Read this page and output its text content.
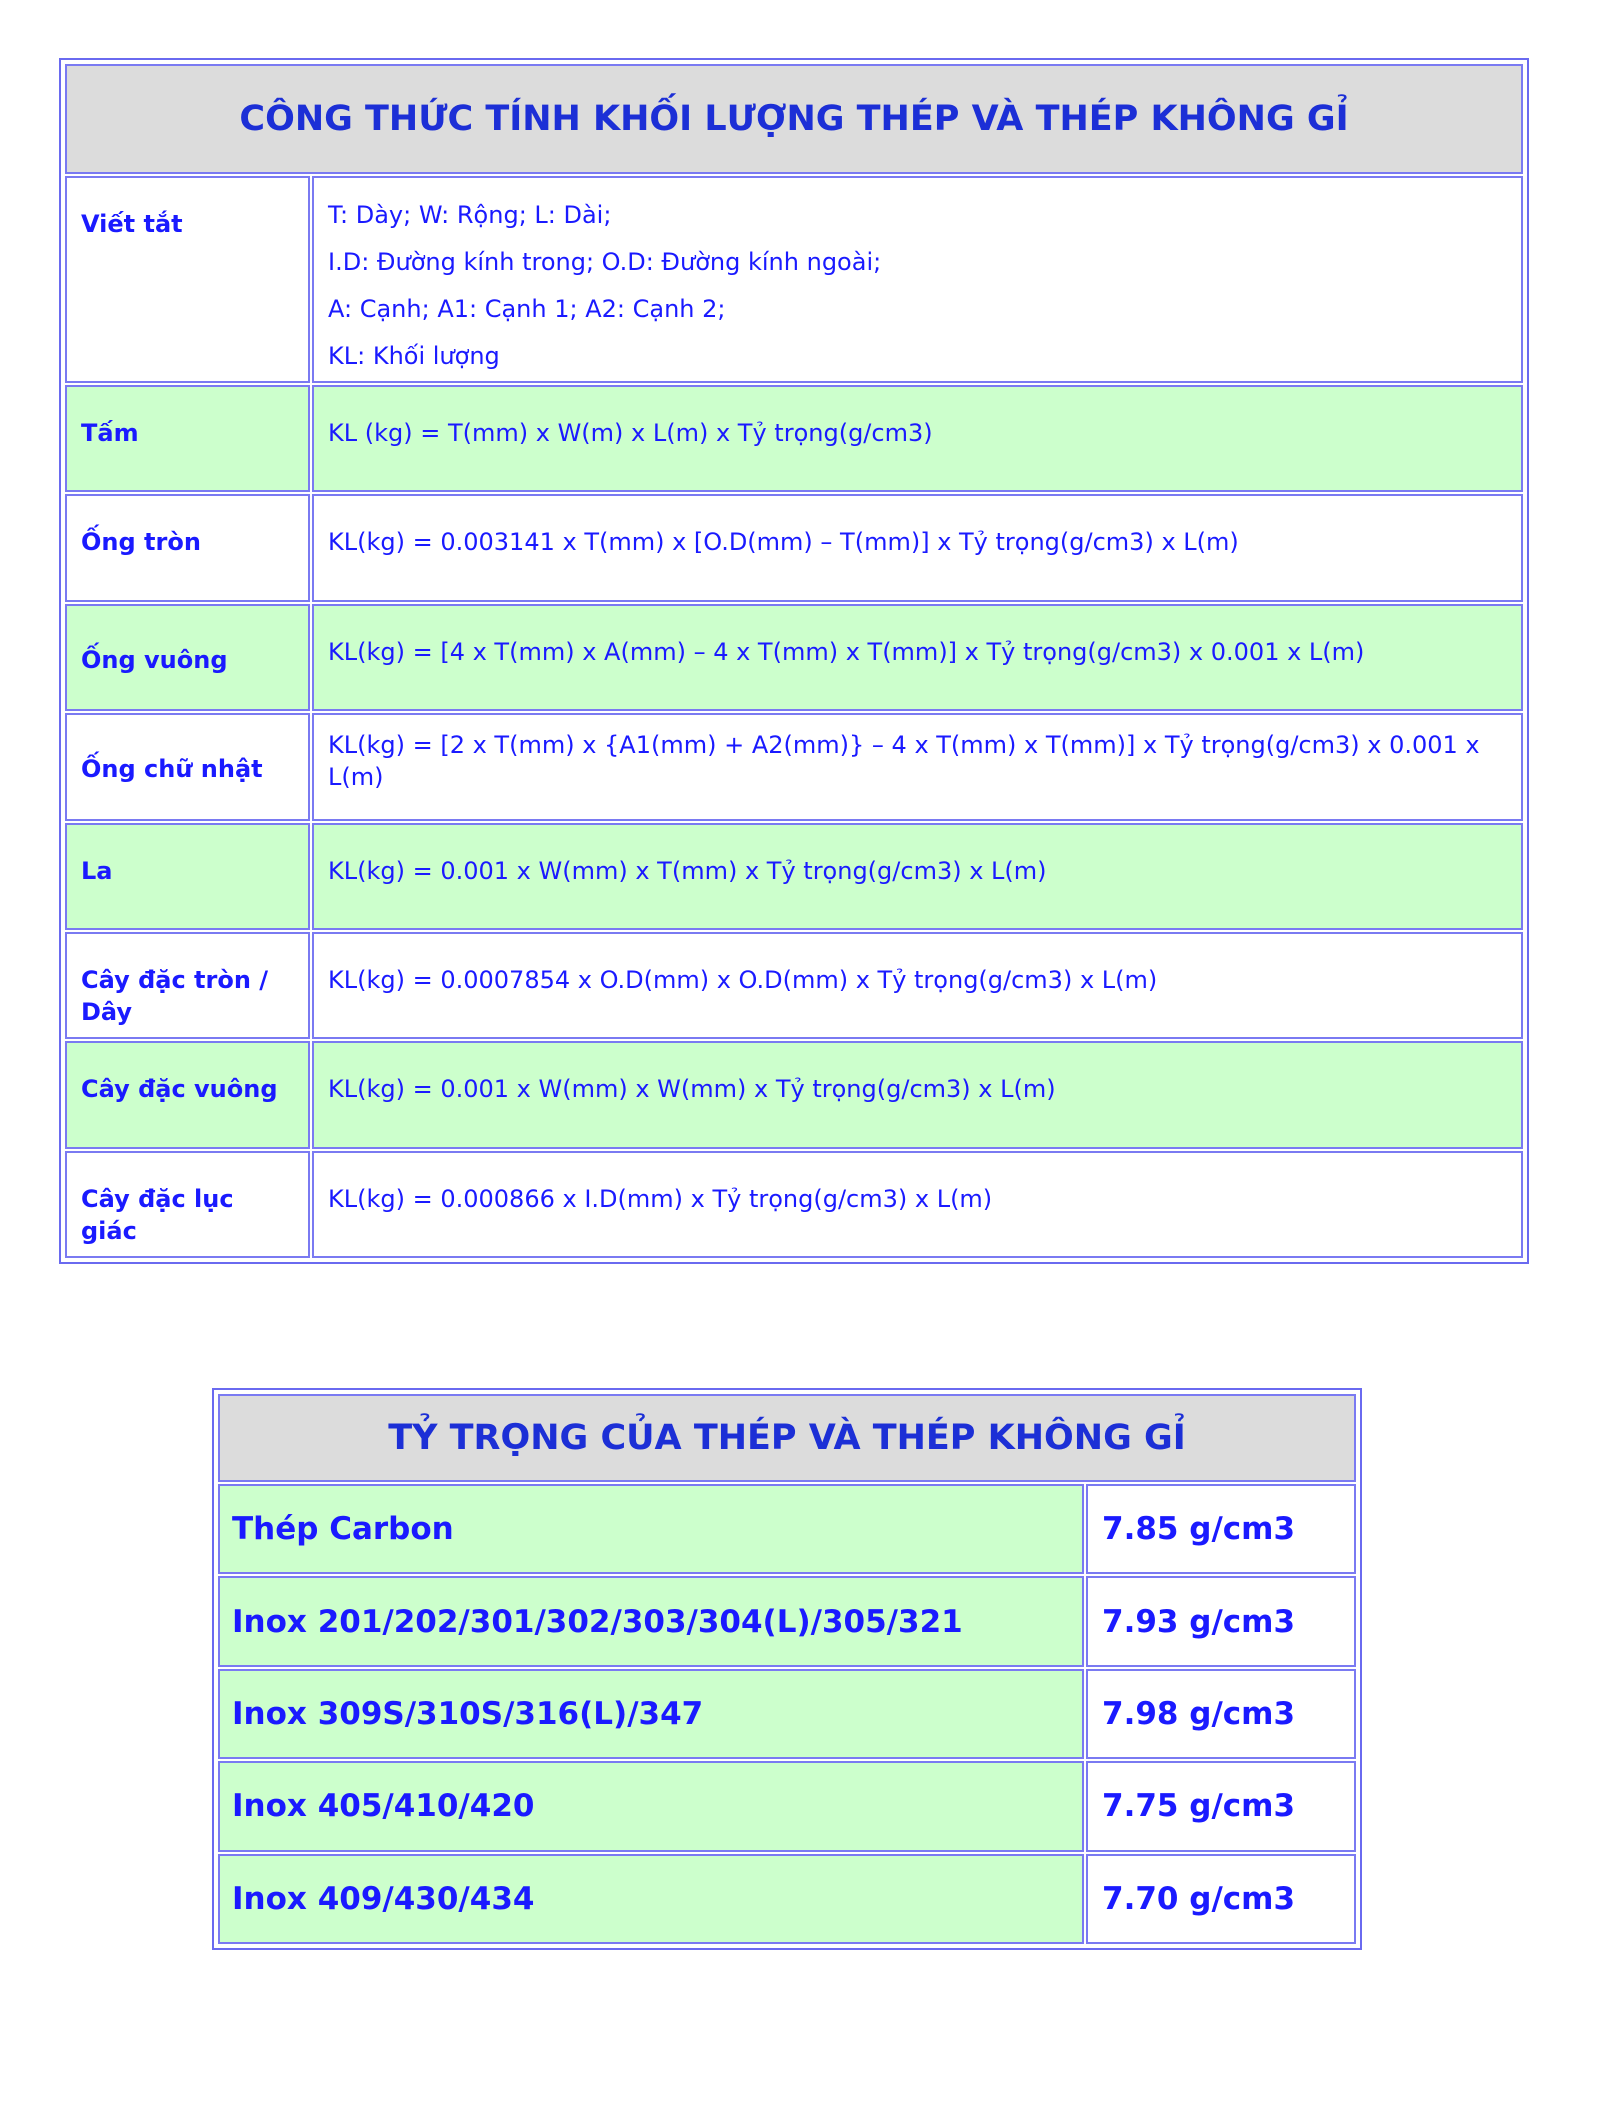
CÔNG THỨC TÍNH KHỐI LƯỢNG THÉP VÀ THÉP KHÔNG GỈ	
Viết tắt	T: Dày; W: Rộng; L: Dài;
I.D: Đường kính trong; O.D: Đường kính ngoài;
A: Cạnh; A1: Cạnh 1; A2: Cạnh 2;
KL: Khối lượng

Tấm	KL (kg) = T(mm) x W(m) x L(m) x Tỷ trọng(g/cm3)
Ống tròn	KL(kg) = 0.003141 x T(mm) x [O.D(mm) – T(mm)] x Tỷ trọng(g/cm3) x L(m)
Ống vuông	KL(kg) = [4 x T(mm) x A(mm) – 4 x T(mm) x T(mm)] x Tỷ trọng(g/cm3) x 0.001 x L(m)
Ống chữ nhật	KL(kg) = [2 x T(mm) x {A1(mm) + A2(mm)} – 4 x T(mm) x T(mm)] x Tỷ trọng(g/cm3) x 0.001 x L(m)
La	KL(kg) = 0.001 x W(mm) x T(mm) x Tỷ trọng(g/cm3) x L(m)
Cây đặc tròn / Dây	KL(kg) = 0.0007854 x O.D(mm) x O.D(mm) x Tỷ trọng(g/cm3) x L(m)
Cây đặc vuông	KL(kg) = 0.001 x W(mm) x W(mm) x Tỷ trọng(g/cm3) x L(m)
Cây đặc lục giác	KL(kg) = 0.000866 x I.D(mm) x Tỷ trọng(g/cm3) x L(m)
TỶ TRỌNG CỦA THÉP VÀ THÉP KHÔNG GỈ	
Thép Carbon	7.85 g/cm3
Inox 201/202/301/302/303/304(L)/305/321	7.93 g/cm3
Inox 309S/310S/316(L)/347	7.98 g/cm3
Inox 405/410/420	7.75 g/cm3
Inox 409/430/434	7.70 g/cm3
